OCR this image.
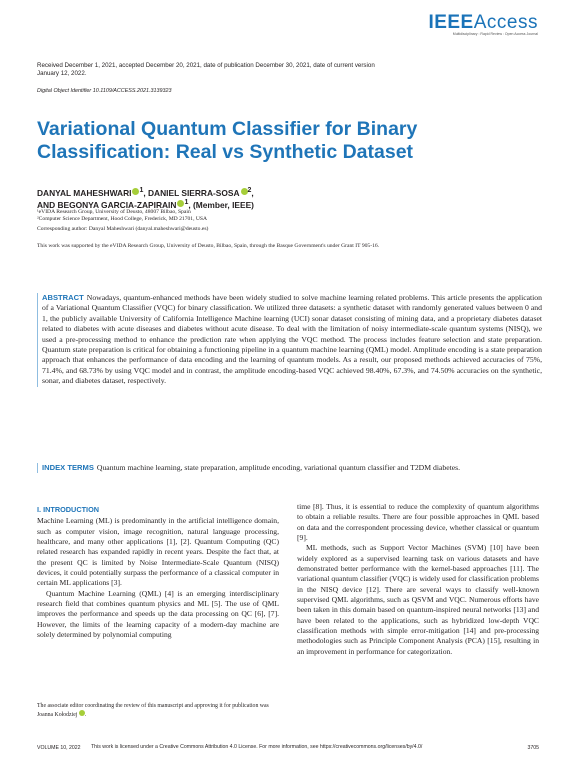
IEEEAccess
Multidisciplinary : Rapid Review : Open Access Journal
Received December 1, 2021, accepted December 20, 2021, date of publication December 30, 2021, date of current version January 12, 2022.
Digital Object Identifier 10.1109/ACCESS.2021.3139323
Variational Quantum Classifier for Binary Classification: Real vs Synthetic Dataset
DANYAL MAHESHWARI $^1$, DANIEL SIERRA-SOSA $^2$,
AND BEGONYA GARCIA-ZAPIRAIN $^1$, (Member, IEEE)
¹eVIDA Research Group, University of Deusto, 48007 Bilbao, Spain
²Computer Science Department, Hood College, Frederick, MD 21701, USA
Corresponding author: Danyal Maheshwari (danyal.maheshwari@deusto.es)
This work was supported by the eVIDA Research Group, University of Deusto, Bilbao, Spain, through the Basque Government's under Grant IT 905-16.
ABSTRACT Nowadays, quantum-enhanced methods have been widely studied to solve machine learning related problems. This article presents the application of a Variational Quantum Classifier (VQC) for binary classification. We utilized three datasets: a synthetic dataset with randomly generated values between 0 and 1, the publicly available University of California Intelligence Machine learning (UCI) sonar dataset consisting of mining data, and a proprietary diabetes dataset related to diabetes with acute diseases and diabetes without acute disease. To deal with the limitation of noisy intermediate-scale quantum systems (NISQ), we used a pre-processing method to enhance the prediction rate when applying the VQC method. The process includes feature selection and state preparation. Quantum state preparation is critical for obtaining a functioning pipeline in a quantum machine learning (QML) model. Amplitude encoding is a state preparation approach that enhances the performance of data encoding and the learning of quantum models. As a result, our proposed methods achieved accuracies of 75%, 71.4%, and 68.73% by using VQC model and in contrast, the amplitude encoding-based VQC achieved 98.40%, 67.3%, and 74.50% accuracies on the synthetic, sonar, and diabetes dataset, respectively.
INDEX TERMS Quantum machine learning, state preparation, amplitude encoding, variational quantum classifier and T2DM diabetes.
I. INTRODUCTION

Machine Learning (ML) is predominantly in the artificial intelligence domain, such as computer vision, image recognition, natural language processing, healthcare, and many other applications [1], [2]. Quantum Computing (QC) related research has expanded rapidly in recent years. Despite the fact that, at the present QC is limited by Noise Intermediate-Scale Quantum (NISQ) devices, it could potentially surpass the performance of a classical computer in certain ML applications [3].

Quantum Machine Learning (QML) [4] is an emerging interdisciplinary research field that combines quantum physics and ML [5]. The use of QML improves the performance and speeds up the data processing on QC [6], [7]. However, the limits of the learning capacity of a modern-day machine are solely determined by polynomial computing

time [8]. Thus, it is essential to reduce the complexity of quantum algorithms to obtain a reliable results. There are four possible approaches in QML based on data and the correspondent processing device, whether classical or quantum [9].

ML methods, such as Support Vector Machines (SVM) [10] have been widely explored as a supervised learning task on various datasets and have demonstrated better performance with the kernel-based approaches [11]. The variational quantum classifier (VQC) is widely used for classification problems in the NISQ device [12]. There are several ways to classify well-known supervised QML algorithms, such as QSVM and VQC. Numerous efforts have been taken in this domain based on quantum-inspired neural networks [13] and have been related to the applications, such as hybridized low-depth VQC classification methods with simple error-mitigation [14] and pre-processing methodologies such as Principle Component Analysis (PCA) [15], resulting in an improvement in performance for categorization.

The associate editor coordinating the review of this manuscript and approving it for publication was Joanna Kołodziej .
VOLUME 10, 2022 This work is licensed under a Creative Commons Attribution 4.0 License. For more information, see https://creativecommons.org/licenses/by/4.0/	3705
